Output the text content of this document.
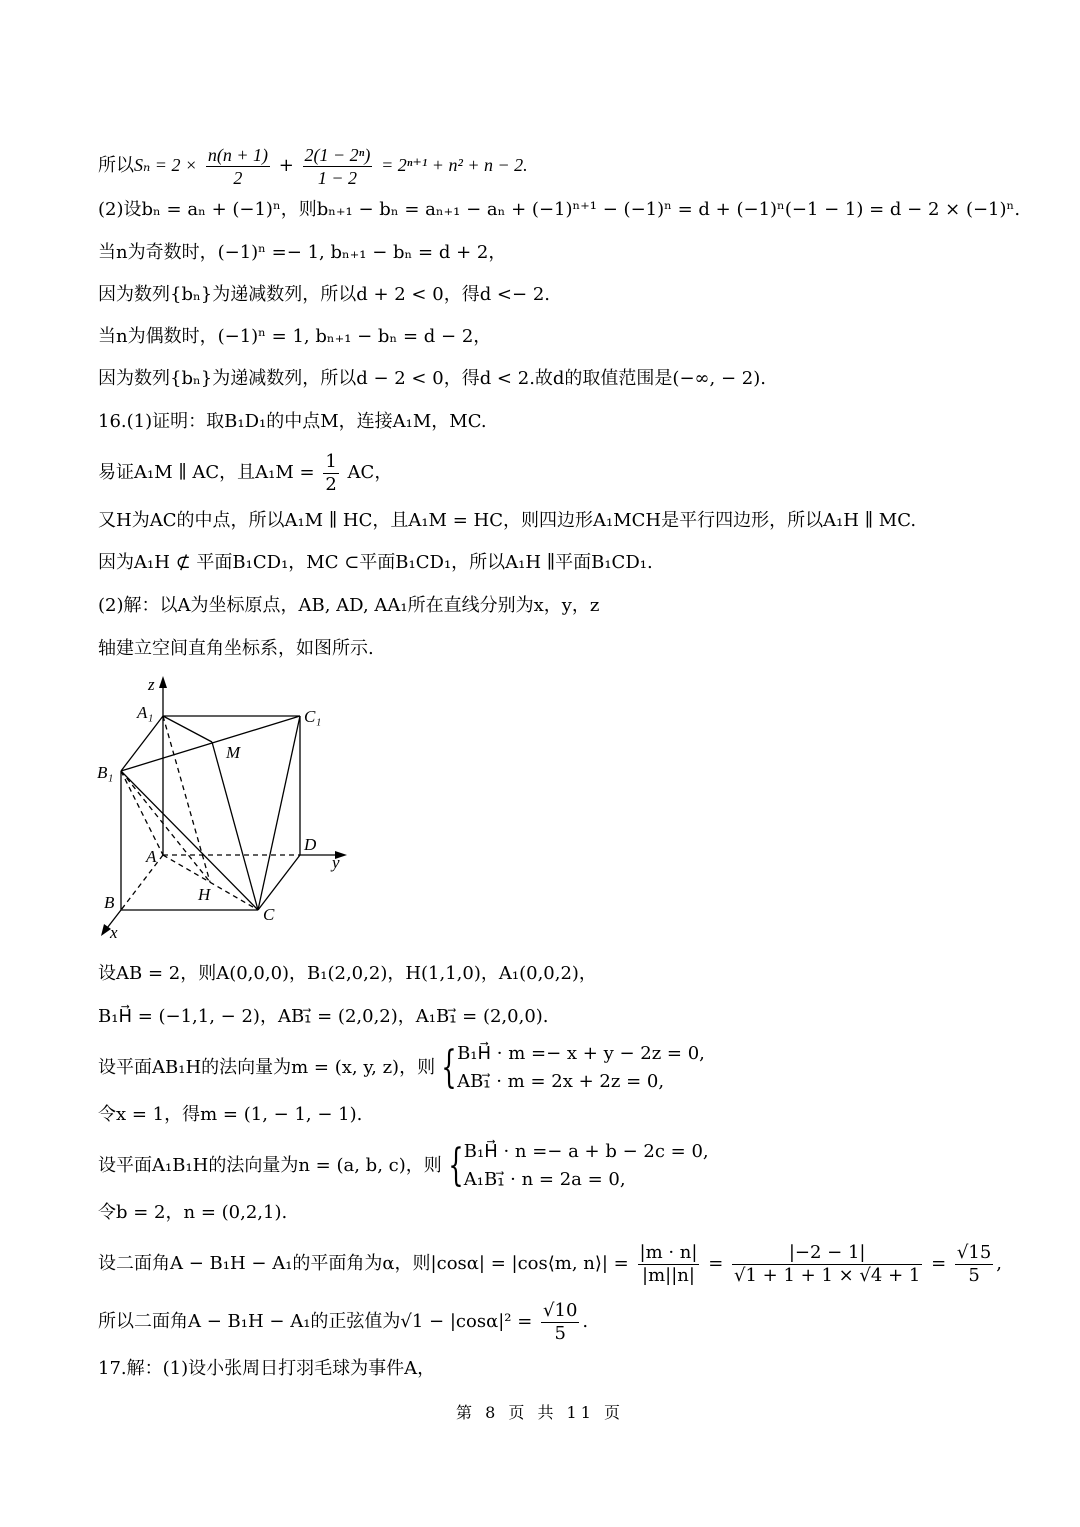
所以$S_n = 2 \times \frac{n(n + 1)}{2} + \frac{\text{2(1 − 2ⁿ)}}{1 - 2} = 2^{n+1} + n^2 + n - 2$.
(2)设bₙ = aₙ + (−1)ⁿ，则bₙ₊₁ − bₙ = aₙ₊₁ − aₙ + (−1)ⁿ⁺¹ − (−1)ⁿ = d + (−1)ⁿ(−1 − 1) = d − 2 × (−1)ⁿ.
当n为奇数时，(−1)ⁿ =− 1, bₙ₊₁ − bₙ = d + 2，
因为数列{bₙ}为递减数列，所以d + 2 < 0，得d <− 2.
当n为偶数时，(−1)ⁿ = 1, bₙ₊₁ − bₙ = d − 2，
因为数列{bₙ}为递减数列，所以d − 2 < 0，得d < 2.故d的取值范围是(−∞, − 2).
16.(1)证明：取B₁D₁的中点M，连接A₁M，MC.
易证A₁M ∥ AC，且$A_1M = \frac{1}{2}$ AC，
又H为AC的中点，所以A₁M ∥ HC，且A₁M = HC，则四边形A₁MCH是平行四边形，所以A₁H ∥ MC.
因为A₁H ⊄ 平面B₁CD₁，MC ⊂平面B₁CD₁，所以A₁H ∥平面B₁CD₁.
(2)解：以A为坐标原点，AB, AD, AA₁所在直线分别为x，y，z
轴建立空间直角坐标系，如图所示.
z
A₁	C₁
M
B₁
A
D
y
B	H
C
x
设AB = 2，则A(0,0,0)，B₁(2,0,2)，H(1,1,0)，A₁(0,0,2)，
B₁H⃗ = (−1,1, − 2)，AB₁⃗ = (2,0,2)，A₁B₁⃗ = (2,0,0).
设平面AB₁H的法向量为m = (x, y, z)，则 { B₁H⃗ · m =− x + y − 2z = 0,
AB₁⃗ · m = 2x + 2z = 0,
令x = 1，得m = (1, − 1, − 1).
设平面A₁B₁H的法向量为n = (a, b, c)，则 { B₁H⃗ · n =− a + b − 2c = 0,
A₁B₁⃗ · n = 2a = 0,
令b = 2，n = (0,2,1).
设二面角A − B₁H − A₁的平面角为α，则|cosα| = |cos⟨m, n⟩| = $\frac{|m \cdot n|}{|m||n|} = \frac{|-2 - 1|}{√1 + 1 + 1 \times √4 + 1} = \frac{√15}{5}$ ,
所以二面角A − B₁H − A₁的正弦值为$√1 - |\cos\alpha|^2 = \frac{√10}{5}$ .
17.解：(1)设小张周日打羽毛球为事件A，
第 8 页 共 11 页
